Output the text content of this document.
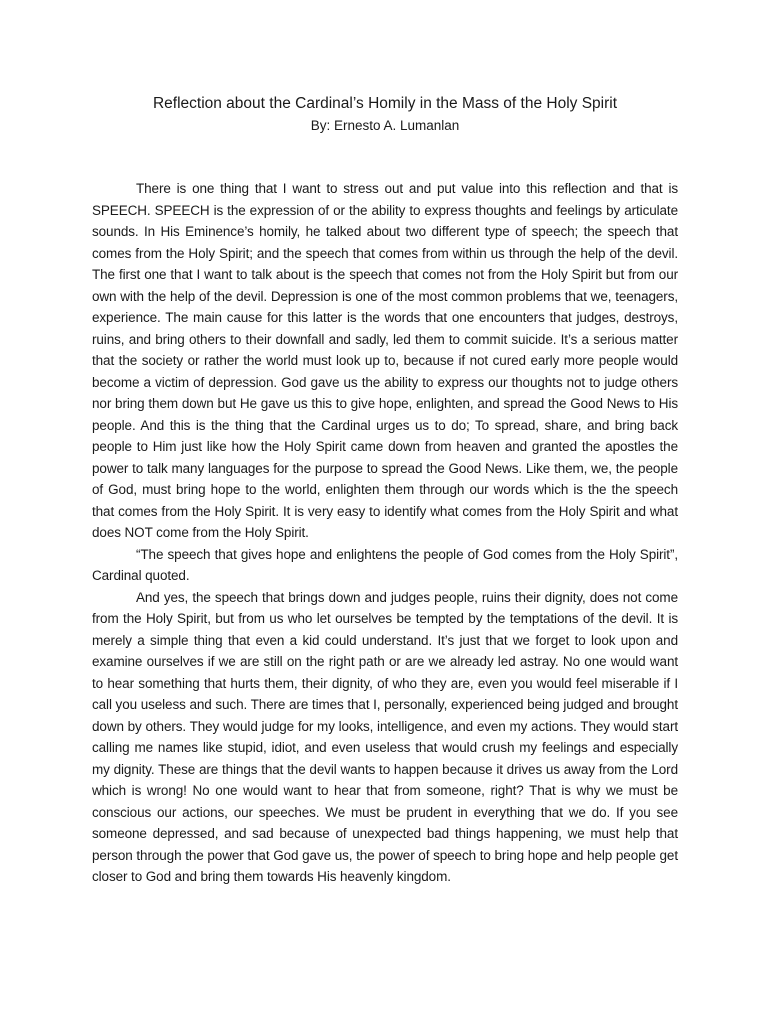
Reflection about the Cardinal’s Homily in the Mass of the Holy Spirit
By: Ernesto A. Lumanlan

There is one thing that I want to stress out and put value into this reflection and that is SPEECH. SPEECH is the expression of or the ability to express thoughts and feelings by articulate sounds. In His Eminence’s homily, he talked about two different type of speech; the speech that comes from the Holy Spirit; and the speech that comes from within us through the help of the devil. The first one that I want to talk about is the speech that comes not from the Holy Spirit but from our own with the help of the devil. Depression is one of the most common problems that we, teenagers, experience. The main cause for this latter is the words that one encounters that judges, destroys, ruins, and bring others to their downfall and sadly, led them to commit suicide. It’s a serious matter that the society or rather the world must look up to, because if not cured early more people would become a victim of depression. God gave us the ability to express our thoughts not to judge others nor bring them down but He gave us this to give hope, enlighten, and spread the Good News to His people. And this is the thing that the Cardinal urges us to do; To spread, share, and bring back people to Him just like how the Holy Spirit came down from heaven and granted the apostles the power to talk many languages for the purpose to spread the Good News. Like them, we, the people of God, must bring hope to the world, enlighten them through our words which is the the speech that comes from the Holy Spirit. It is very easy to identify what comes from the Holy Spirit and what does NOT come from the Holy Spirit.

“The speech that gives hope and enlightens the people of God comes from the Holy Spirit”, Cardinal quoted.

And yes, the speech that brings down and judges people, ruins their dignity, does not come from the Holy Spirit, but from us who let ourselves be tempted by the temptations of the devil. It is merely a simple thing that even a kid could understand. It’s just that we forget to look upon and examine ourselves if we are still on the right path or are we already led astray. No one would want to hear something that hurts them, their dignity, of who they are, even you would feel miserable if I call you useless and such. There are times that I, personally, experienced being judged and brought down by others. They would judge for my looks, intelligence, and even my actions. They would start calling me names like stupid, idiot, and even useless that would crush my feelings and especially my dignity. These are things that the devil wants to happen because it drives us away from the Lord which is wrong! No one would want to hear that from someone, right? That is why we must be conscious our actions, our speeches. We must be prudent in everything that we do. If you see someone depressed, and sad because of unexpected bad things happening, we must help that person through the power that God gave us, the power of speech to bring hope and help people get closer to God and bring them towards His heavenly kingdom.
